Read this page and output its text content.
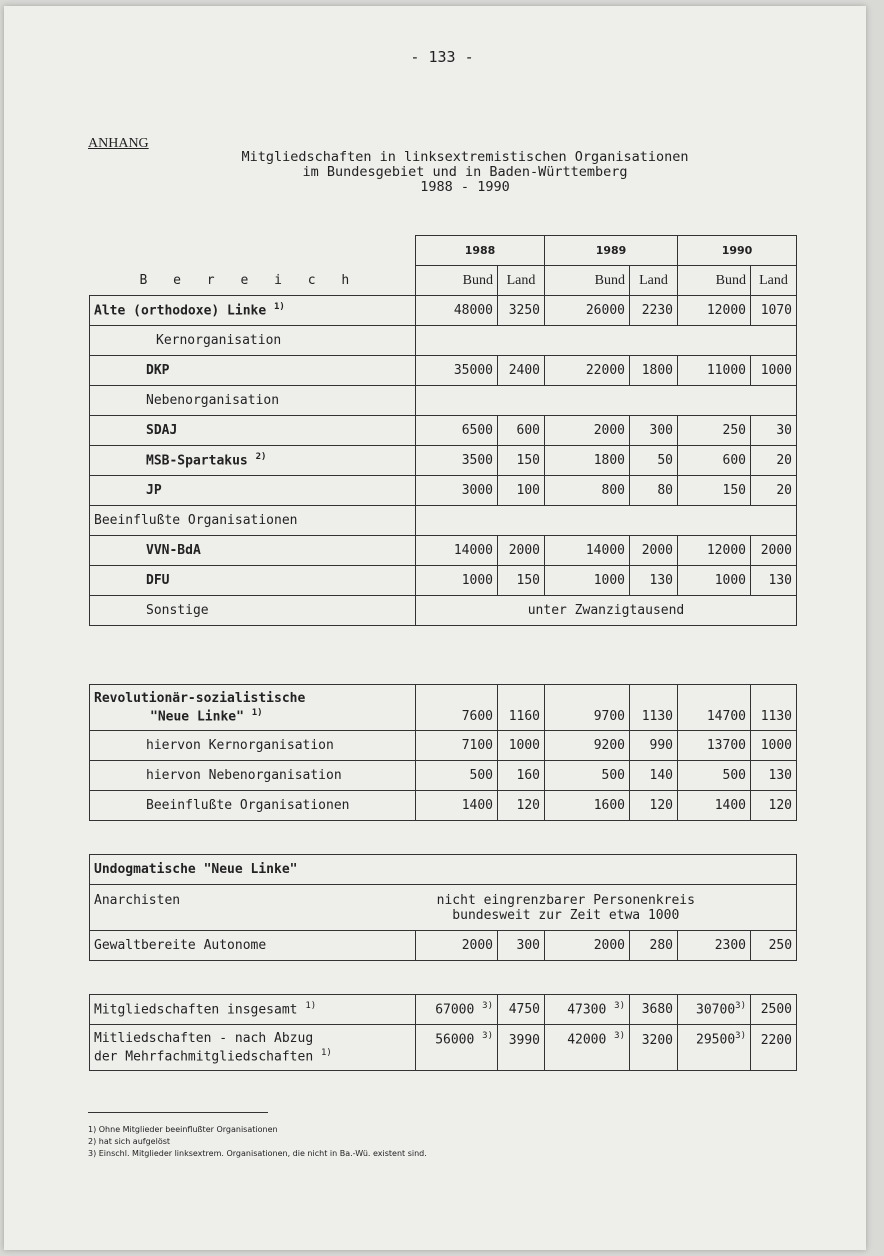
- 133 -
ANHANG
Mitgliedschaften in linksextremistischen Organisationen
im Bundesgebiet und in Baden-Württemberg
1988 - 1990
	1988		1989		1990	
B e r e i c h	Bund	Land	Bund	Land	Bund	Land
Alte (orthodoxe) Linke $^{1)}$	48000	3250	26000	2230	12000	1070
Kernorganisation						
DKP	35000	2400	22000	1800	11000	1000
Nebenorganisation						
SDAJ	6500	600	2000	300	250	30
MSB-Spartakus $^{2)}$	3500	150	1800	50	600	20
JP	3000	100	800	80	150	20
Beeinflußte Organisationen						
VVN-BdA	14000	2000	14000	2000	12000	2000
DFU	1000	150	1000	130	1000	130
Sonstige	unter Zwanzigtausend					
Revolutionär-sozialistische
"Neue Linke" $^{1)}$	7600	1160	9700	1130	14700	1130
hiervon Kernorganisation	7100	1000	9200	990	13700	1000
hiervon Nebenorganisation	500	160	500	140	500	130
Beeinflußte Organisationen	1400	120	1600	120	1400	120
Undogmatische "Neue Linke"						
Anarchisten	nicht eingrenzbarer Personenkreis
bundesweit zur Zeit etwa 1000					

Gewaltbereite Autonome	2000	300	2000	280	2300	250
Mitgliedschaften insgesamt $^{1)}$	67000 $^{3)}$	4750	47300 $^{3)}$	3680	30700$^{3)}$	2500

Mitliedschaften - nach Abzug
der Mehrfachmitgliedschaften $^{1)}$	56000 $^{3)}$	3990	42000 $^{3)}$	3200	29500$^{3)}$	2200
1) Ohne Mitglieder beeinflußter Organisationen
2) hat sich aufgelöst
3) Einschl. Mitglieder linksextrem. Organisationen, die nicht in Ba.-Wü. existent sind.
